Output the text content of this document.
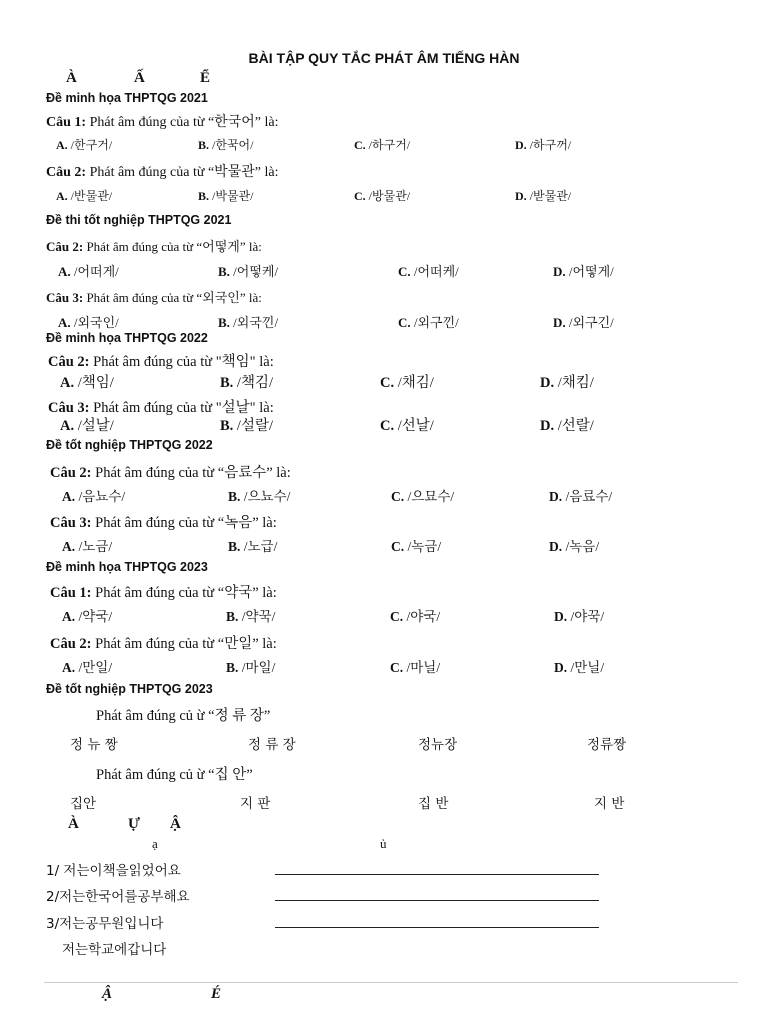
BÀI TẬP QUY TẮC PHÁT ÂM TIẾNG HÀN
À	Ấ	Ể
Đề minh họa THPTQG 2021
Câu 1: Phát âm đúng của từ “한국어” là:
A. /한구거/	B. /한꾹어/	C. /하구거/	D. /하구꺼/
Câu 2: Phát âm đúng của từ “박물관” là:
A. /반물관/	B. /박물관/	C. /방물관/	D. /받물관/
Đề thi tốt nghiệp THPTQG 2021
Câu 2: Phát âm đúng của từ “어떻게” là:
A. /어떠게/	B. /어떻케/	C. /어떠케/	D. /어떻게/
Câu 3: Phát âm đúng của từ “외국인” là:
A. /외국인/	B. /외국낀/	C. /외구낀/	D. /외구긴/
Đề minh họa THPTQG 2022
Câu 2: Phát âm đúng của từ "책임" là:
A. /책임/	B. /책김/	C. /채김/	D. /채킴/
Câu 3: Phát âm đúng của từ "설날" là:
A. /설날/	B. /설랄/	C. /선날/	D. /선랄/
Đề tốt nghiệp THPTQG 2022
Câu 2: Phát âm đúng của từ “음료수” là:
A. /음뇨수/	B. /으뇨수/	C. /으묘수/	D. /음료수/
Câu 3: Phát âm đúng của từ “녹음” là:
A. /노금/	B. /노급/	C. /녹금/	D. /녹음/
Đề minh họa THPTQG 2023
Câu 1: Phát âm đúng của từ “약국” là:
A. /약국/	B. /약꾹/	C. /야국/	D. /야꾹/
Câu 2: Phát âm đúng của từ “만일” là:
A. /만일/	B. /마일/	C. /마닐/	D. /만닐/
Đề tốt nghiệp THPTQG 2023
Phát âm đúng củ ừ “정 류 장”
정 뉴 짱	정 류 장	정뉴장	정류짱
Phát âm đúng củ ừ “집 안”
집안	지 판	집 반	지 반
À	Ự Ậ
ạ	ủ
1/ 저는이책을읽었어요
2/저는한국어를공부해요
3/저는공무원입니다
저는학교에갑니다
Ậ	É
